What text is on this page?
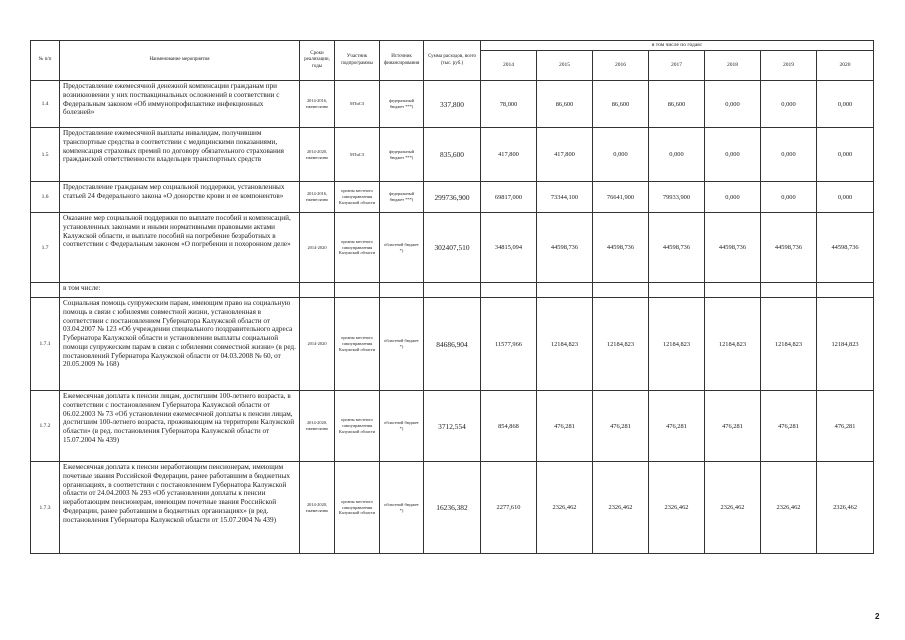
№ п/п	Наименование мероприятия	Сроки реализации, годы	Участник подпрограммы	Источник финансирования	Сумма расходов, всего (тыс. руб.)	в том числе по годам:						
						2014	2015	2016	2017	2018	2019	2020
1.4	Предоставление ежемесячной денежной компенсации гражданам при возникновении у них поствакцинальных осложнений в соответствии с Федеральным законом «Об иммунопрофилактике инфекционных болезней»	2014-2016, ежемесячно	МТиСЗ	федеральный бюджет ***)	337,800	78,000	86,600	86,600	86,600	0,000	0,000	0,000
1.5	Предоставление ежемесячной выплаты инвалидам, получившим транспортные средства в соответствии с медицинскими показаниями, компенсация страховых премий по договору обязательного страхования гражданской ответственности владельцев транспортных средств	2014-2020, ежемесячно	МТиСЗ	федеральный бюджет ***)	835,600	417,800	417,800	0,000	0,000	0,000	0,000	0,000
1.6	Предоставление гражданам мер социальной поддержки, установленных статьей 24 Федерального закона «О донорстве крови и ее компонентов»	2014-2016, ежемесячно	органы местного самоуправления Калужской области	федеральный бюджет ***)	299736,900	69817,000	73344,100	76641,900	79933,900	0,000	0,000	0,000
1.7	Оказание мер социальной поддержки по выплате пособий и компенсаций, установленных законами и иными нормативными правовыми актами Калужской области, и выплате пособий на погребение безработных в соответствии с Федеральным законом «О погребении и похоронном деле»	2014-2020	органы местного самоуправления Калужской области	областной бюджет *)	302407,510	34815,094	44598,736	44598,736	44598,736	44598,736	44598,736	44598,736
	в том числе:											
1.7.1	Социальная помощь супружеским парам, имеющим право на социальную помощь в связи с юбилеями совместной жизни, установленная в соответствии с постановлением Губернатора Калужской области от 03.04.2007 № 123 «Об учреждении специального поздравительного адреса Губернатора Калужской области и установлении выплаты социальной помощи супружеским парам в связи с юбилеями совместной жизни» (в ред. постановлений Губернатора Калужской области от 04.03.2008 № 60, от 20.05.2009 № 168)	2014-2020	органы местного самоуправления Калужской области	областной бюджет *)	84686,904	11577,966	12184,823	12184,823	12184,823	12184,823	12184,823	12184,823
1.7.2	Ежемесячная доплата к пенсии лицам, достигшим 100-летнего возраста, в соответствии с постановлением Губернатора Калужской области от 06.02.2003 № 73 «Об установлении ежемесячной доплаты к пенсии лицам, достигшим 100-летнего возраста, проживающим на территории Калужской области» (в ред. постановления Губернатора Калужской области от 15.07.2004 № 439)	2014-2020, ежемесячно	органы местного самоуправления Калужской области	областной бюджет *)	3712,554	854,868	476,281	476,281	476,281	476,281	476,281	476,281
1.7.3	Ежемесячная доплата к пенсии неработающим пенсионерам, имеющим почетные звания Российской Федерации, ранее работавшим в бюджетных организациях, в соответствии с постановлением Губернатора Калужской области от 24.04.2003 № 293 «Об установлении доплаты к пенсии неработающим пенсионерам, имеющим почетные звания Российской Федерации, ранее работавшим в бюджетных организациях» (в ред. постановления Губернатора Калужской области от 15.07.2004 № 439)	2014-2020, ежемесячно	органы местного самоуправления Калужской области	областной бюджет *)	16236,382	2277,610	2326,462	2326,462	2326,462	2326,462	2326,462	2326,462
2
